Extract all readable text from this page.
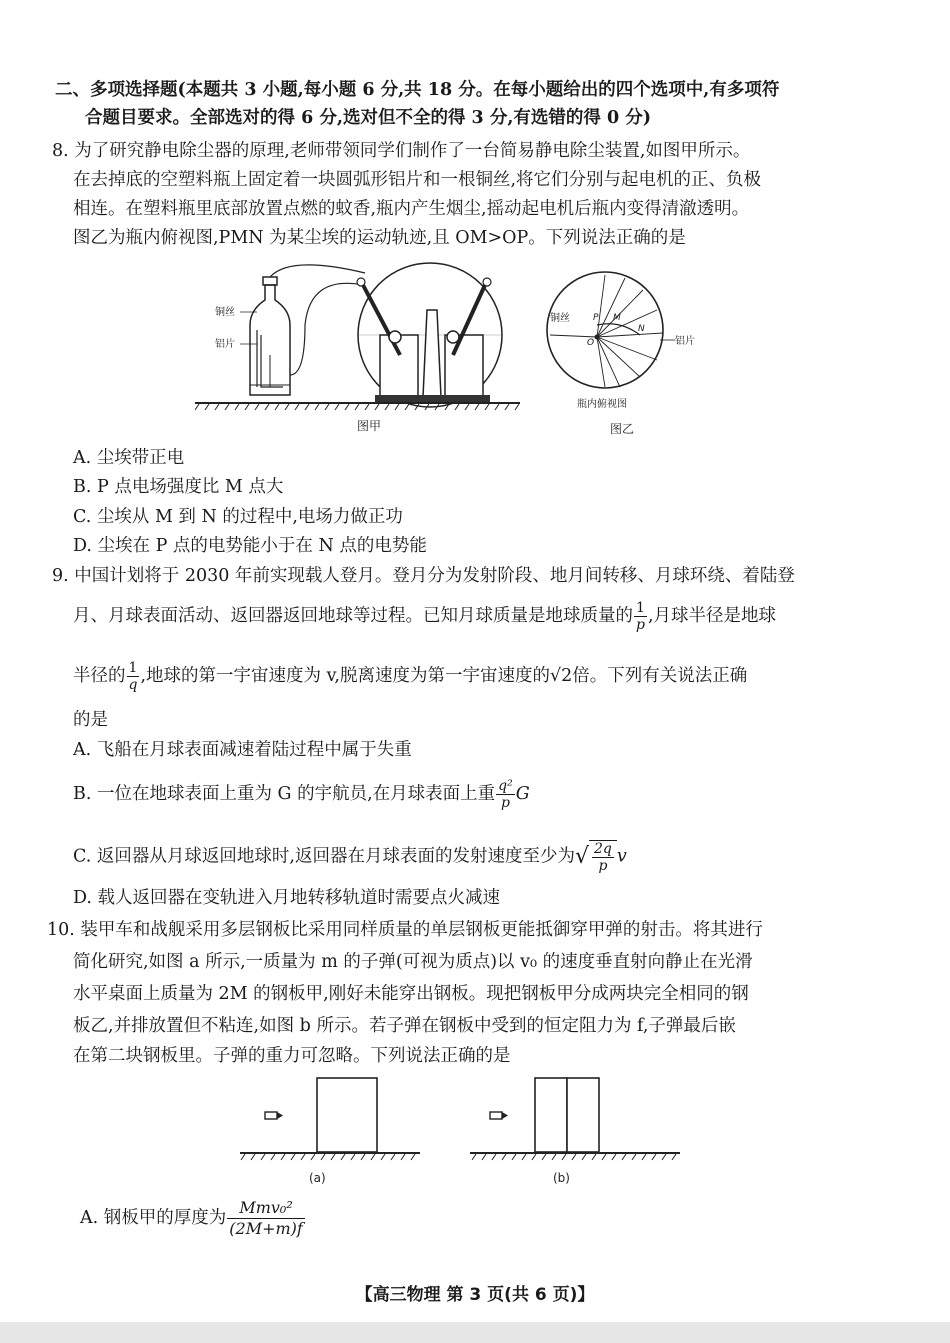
二、多项选择题(本题共 3 小题,每小题 6 分,共 18 分。在每小题给出的四个选项中,有多项符
合题目要求。全部选对的得 6 分,选对但不全的得 3 分,有选错的得 0 分)
8. 为了研究静电除尘器的原理,老师带领同学们制作了一台简易静电除尘装置,如图甲所示。
在去掉底的空塑料瓶上固定着一块圆弧形铝片和一根铜丝,将它们分别与起电机的正、负极
相连。在塑料瓶里底部放置点燃的蚊香,瓶内产生烟尘,摇动起电机后瓶内变得清澈透明。
图乙为瓶内俯视图,PMN 为某尘埃的运动轨迹,且 OM>OP。下列说法正确的是
铜丝
铝片
图甲
P M
N
O
铜丝
铝片
瓶内俯视图
图乙
A. 尘埃带正电
B. P 点电场强度比 M 点大
C. 尘埃从 M 到 N 的过程中,电场力做正功
D. 尘埃在 P 点的电势能小于在 N 点的电势能
9. 中国计划将于 2030 年前实现载人登月。登月分为发射阶段、地月间转移、月球环绕、着陆登
月、月球表面活动、返回器返回地球等过程。已知月球质量是地球质量的 $\frac{1}{p}$ ,月球半径是地球
半径的 $\frac{1}{q}$ ,地球的第一宇宙速度为 v,脱离速度为第一宇宙速度的√2倍。下列有关说法正确
的是
A. 飞船在月球表面减速着陆过程中属于失重
B. 一位在地球表面上重为 G 的宇航员,在月球表面上重 $\frac{\text{q²}}{p}$ G
C. 返回器从月球返回地球时,返回器在月球表面的发射速度至少为√ $\frac{2q}{p}$ v
D. 载人返回器在变轨进入月地转移轨道时需要点火减速
10. 装甲车和战舰采用多层钢板比采用同样质量的单层钢板更能抵御穿甲弹的射击。将其进行
简化研究,如图 a 所示,一质量为 m 的子弹(可视为质点)以 v₀ 的速度垂直射向静止在光滑
水平桌面上质量为 2M 的钢板甲,刚好未能穿出钢板。现把钢板甲分成两块完全相同的钢
板乙,并排放置但不粘连,如图 b 所示。若子弹在钢板中受到的恒定阻力为 f,子弹最后嵌
在第二块钢板里。子弹的重力可忽略。下列说法正确的是
(a)	(b)
A. 钢板甲的厚度为 $\frac{\text{Mmv₀²}}{(2M+m)f}$
【高三物理 第 3 页(共 6 页)】
